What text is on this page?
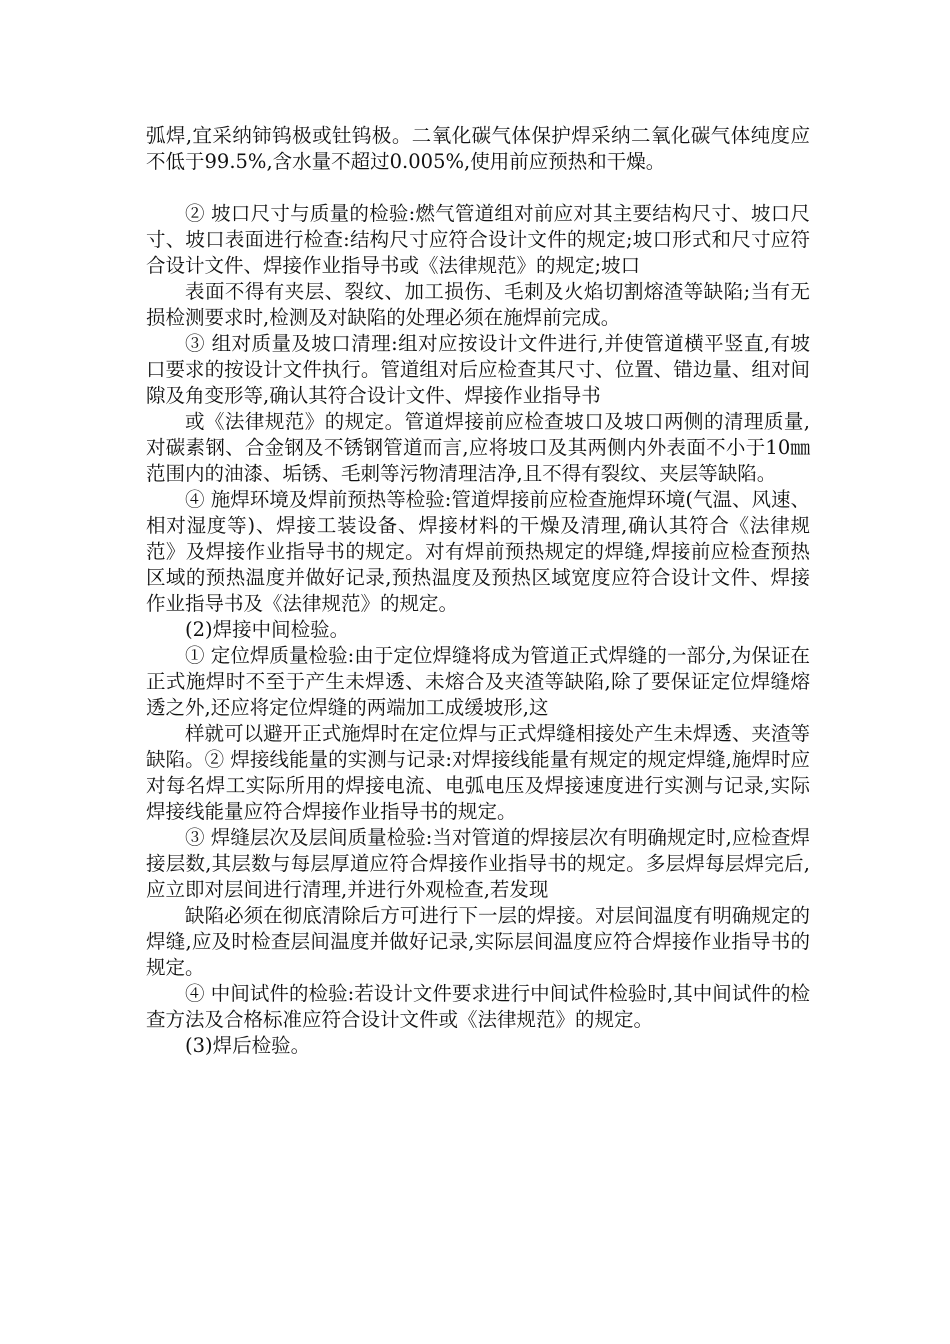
弧焊,宜采纳铈钨极或钍钨极。二氧化碳气体保护焊采纳二氧化碳气体纯度应不低于99.5%,含水量不超过0.005%,使用前应预热和干燥。

② 坡口尺寸与质量的检验:燃气管道组对前应对其主要结构尺寸、坡口尺寸、坡口表面进行检查:结构尺寸应符合设计文件的规定;坡口形式和尺寸应符合设计文件、焊接作业指导书或《法律规范》的规定;坡口

表面不得有夹层、裂纹、加工损伤、毛刺及火焰切割熔渣等缺陷;当有无损检测要求时,检测及对缺陷的处理必须在施焊前完成。

③ 组对质量及坡口清理:组对应按设计文件进行,并使管道横平竖直,有坡口要求的按设计文件执行。管道组对后应检查其尺寸、位置、错边量、组对间隙及角变形等,确认其符合设计文件、焊接作业指导书

或《法律规范》的规定。管道焊接前应检查坡口及坡口两侧的清理质量,对碳素钢、合金钢及不锈钢管道而言,应将坡口及其两侧内外表面不小于10㎜范围内的油漆、垢锈、毛刺等污物清理洁净,且不得有裂纹、夹层等缺陷。

④ 施焊环境及焊前预热等检验:管道焊接前应检查施焊环境(气温、风速、相对湿度等)、焊接工装设备、焊接材料的干燥及清理,确认其符合《法律规范》及焊接作业指导书的规定。对有焊前预热规定的焊缝,焊接前应检查预热区域的预热温度并做好记录,预热温度及预热区域宽度应符合设计文件、焊接作业指导书及《法律规范》的规定。

(2)焊接中间检验。

① 定位焊质量检验:由于定位焊缝将成为管道正式焊缝的一部分,为保证在正式施焊时不至于产生未焊透、未熔合及夹渣等缺陷,除了要保证定位焊缝熔透之外,还应将定位焊缝的两端加工成缓坡形,这

样就可以避开正式施焊时在定位焊与正式焊缝相接处产生未焊透、夹渣等缺陷。② 焊接线能量的实测与记录:对焊接线能量有规定的规定焊缝,施焊时应对每名焊工实际所用的焊接电流、电弧电压及焊接速度进行实测与记录,实际焊接线能量应符合焊接作业指导书的规定。

③ 焊缝层次及层间质量检验:当对管道的焊接层次有明确规定时,应检查焊接层数,其层数与每层厚道应符合焊接作业指导书的规定。多层焊每层焊完后,应立即对层间进行清理,并进行外观检查,若发现

缺陷必须在彻底清除后方可进行下一层的焊接。对层间温度有明确规定的焊缝,应及时检查层间温度并做好记录,实际层间温度应符合焊接作业指导书的规定。

④ 中间试件的检验:若设计文件要求进行中间试件检验时,其中间试件的检查方法及合格标准应符合设计文件或《法律规范》的规定。

(3)焊后检验。
